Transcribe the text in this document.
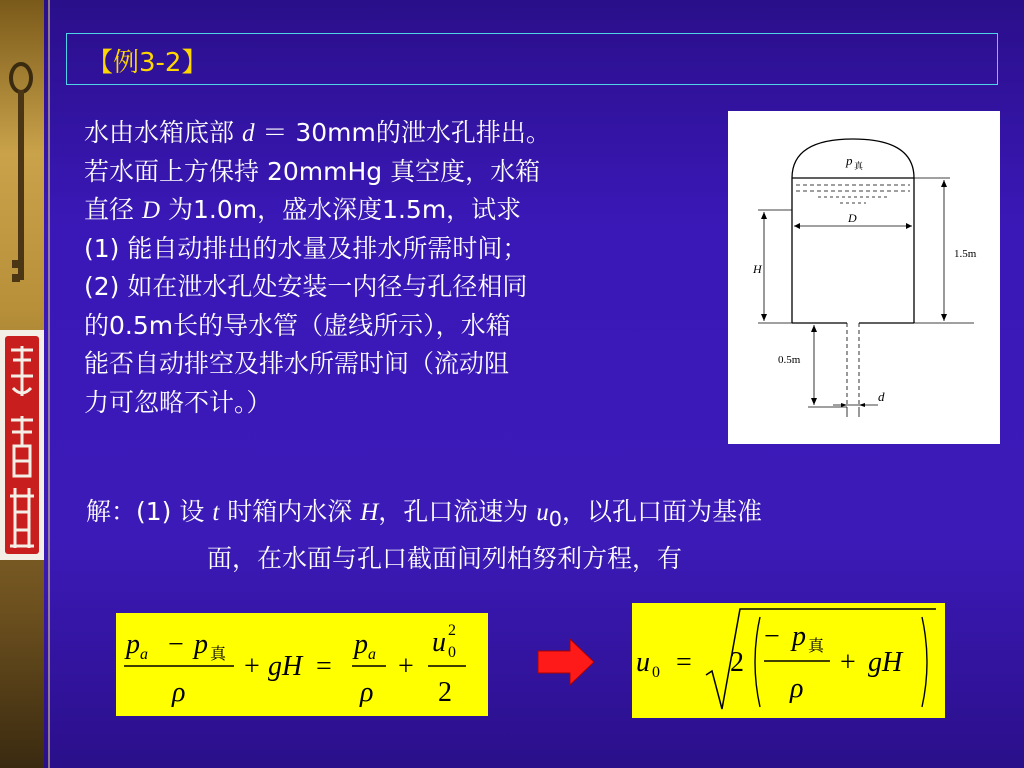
【例3-2】
水由水箱底部 d ＝ 30mm的泄水孔排出。
若水面上方保持 20mmHg 真空度，水箱
直径 D 为1.0m，盛水深度1.5m，试求
(1) 能自动排出的水量及排水所需时间；
(2) 如在泄水孔处安装一内径与孔径相同
的0.5m长的导水管（虚线所示），水箱
能否自动排空及排水所需时间（流动阻
力可忽略不计。）
p 真
D
H
1.5m
0.5m
d
解：(1) 设 t 时箱内水深 H，孔口流速为 $u_0$，以孔口面为基准
面，在水面与孔口截面间列柏努利方程，有
p a − p 真
ρ
+ gH =
p a
ρ
+
u 2
0
2
u 0 = 2
− p 真
ρ
+ gH
